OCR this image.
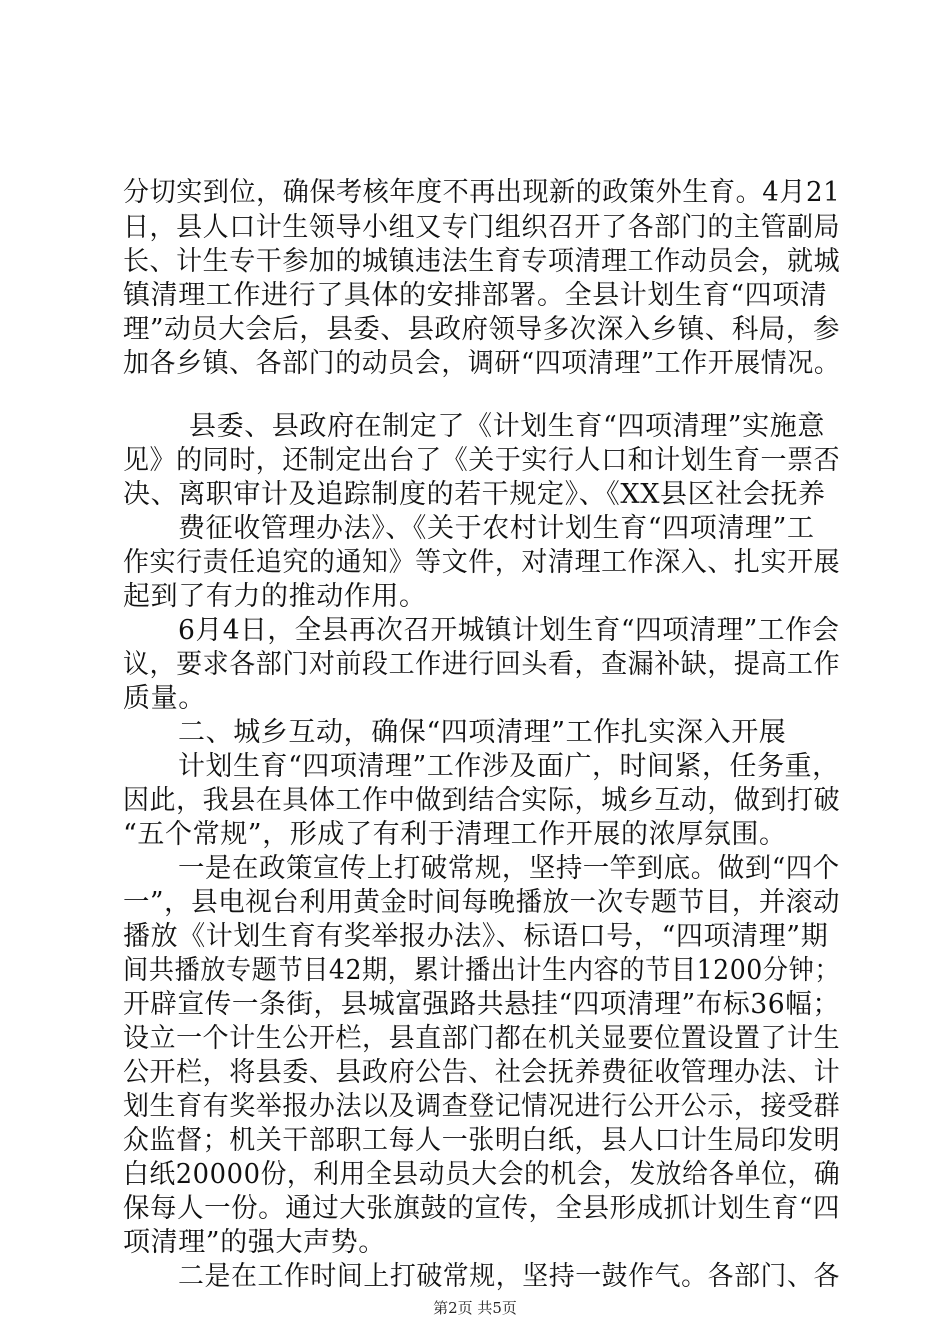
分切实到位，确保考核年度不再出现新的政策外生育。4月21
日，县人口计生领导小组又专门组织召开了各部门的主管副局
长、计生专干参加的城镇违法生育专项清理工作动员会，就城
镇清理工作进行了具体的安排部署。全县计划生育“四项清
理”动员大会后，县委、县政府领导多次深入乡镇、科局，参
加各乡镇、各部门的动员会，调研“四项清理”工作开展情况。
县委、县政府在制定了《计划生育“四项清理”实施意
见》的同时，还制定出台了《关于实行人口和计划生育一票否
决、离职审计及追踪制度的若干规定》、《XX县区社会抚养
费征收管理办法》、《关于农村计划生育“四项清理”工
作实行责任追究的通知》等文件，对清理工作深入、扎实开展
起到了有力的推动作用。
6月4日，全县再次召开城镇计划生育“四项清理”工作会
议，要求各部门对前段工作进行回头看，查漏补缺，提高工作
质量。
二、城乡互动，确保“四项清理”工作扎实深入开展
计划生育“四项清理”工作涉及面广，时间紧，任务重，
因此，我县在具体工作中做到结合实际，城乡互动，做到打破
“五个常规”，形成了有利于清理工作开展的浓厚氛围。
一是在政策宣传上打破常规，坚持一竿到底。做到“四个
一”，县电视台利用黄金时间每晚播放一次专题节目，并滚动
播放《计划生育有奖举报办法》、标语口号，“四项清理”期
间共播放专题节目42期，累计播出计生内容的节目1200分钟；
开辟宣传一条街，县城富强路共悬挂“四项清理”布标36幅；
设立一个计生公开栏，县直部门都在机关显要位置设置了计生
公开栏，将县委、县政府公告、社会抚养费征收管理办法、计
划生育有奖举报办法以及调查登记情况进行公开公示，接受群
众监督；机关干部职工每人一张明白纸，县人口计生局印发明
白纸20000份，利用全县动员大会的机会，发放给各单位，确
保每人一份。通过大张旗鼓的宣传，全县形成抓计划生育“四
项清理”的强大声势。
二是在工作时间上打破常规，坚持一鼓作气。各部门、各
第2页 共5页
